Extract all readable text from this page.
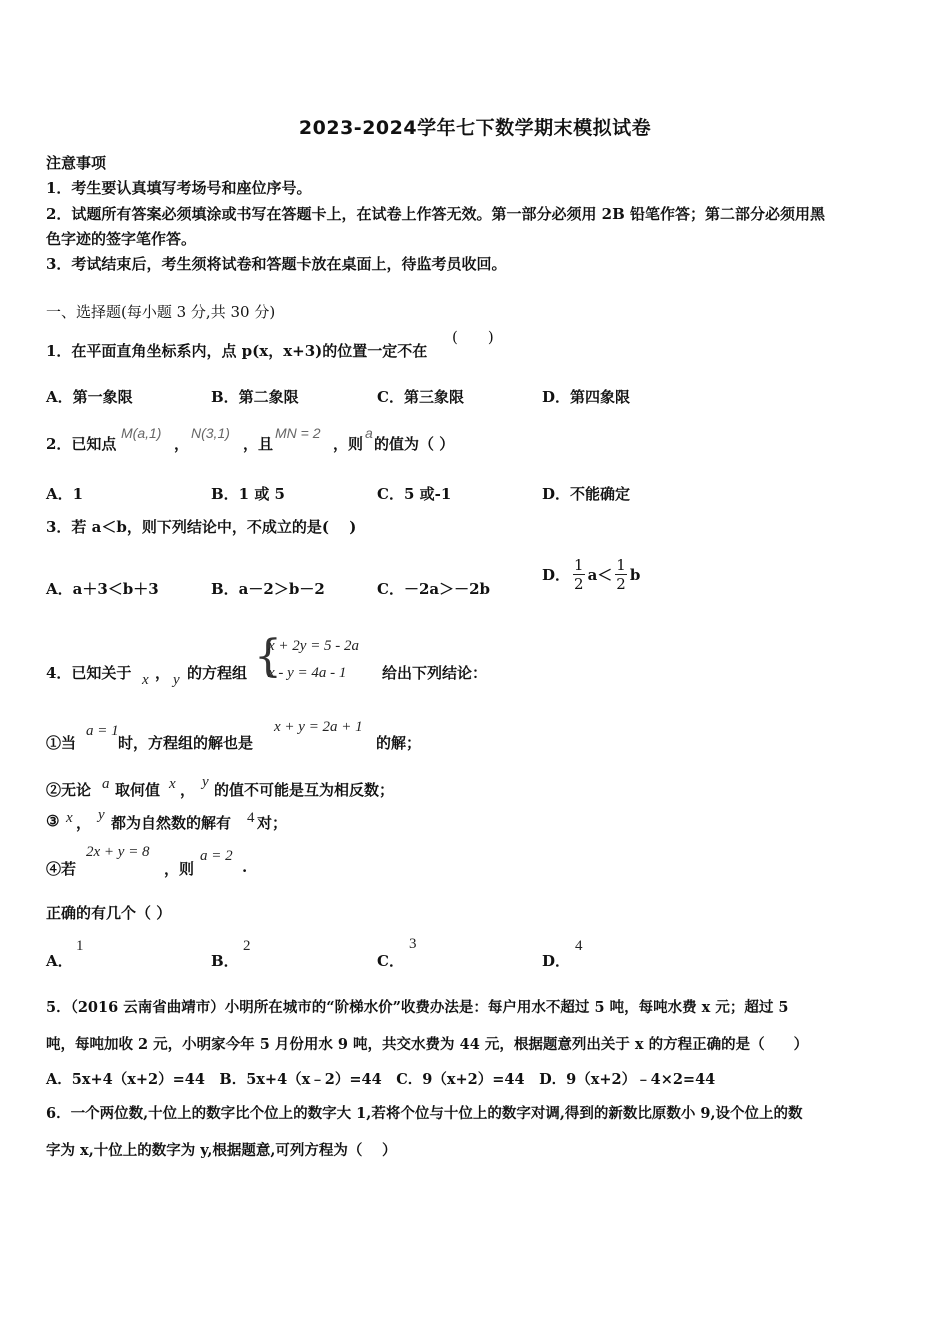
2023-2024学年七下数学期末模拟试卷
注意事项
1．考生要认真填写考场号和座位序号。
2．试题所有答案必须填涂或书写在答题卡上，在试卷上作答无效。第一部分必须用 2B 铅笔作答；第二部分必须用黑
色字迹的签字笔作答。
3．考试结束后，考生须将试卷和答题卡放在桌面上，待监考员收回。
一、选择题(每小题 3 分,共 30 分)
1．在平面直角坐标系内，点 p(x，x+3)的位置一定不在
(　　)
A．第一象限	B．第二象限	C．第三象限	D．第四象限
2．已知点
M(a,1)
，
N(3,1)
，且
MN = 2
，则
a
的值为（ ）
A．1	B．1 或 5	C．5 或-1	D．不能确定
3．若 a＜b，则下列结论中，不成立的是(　 )
A．a＋3＜b＋3	B．a－2＞b－2	C．－2a＞－2b
D． $\frac{1}{2} a< \frac{1}{2}$ b
4．已知关于 x ， y 的方程组 {
x + 2y = 5 - 2a
x - y = 4a - 1 给出下列结论：
①当
a = 1
时，方程组的解也是
x + y = 2a + 1
的解；
②无论 a 取何值 x ， y 的值不可能是互为相反数；
③ x ， y 都为自然数的解有 4 对；
④若
2x + y = 8
，则
a = 2
.
正确的有几个（ ）
A．
1
B．
2
C．
3
D．
4
5．（2016 云南省曲靖市）小明所在城市的“阶梯水价”收费办法是：每户用水不超过 5 吨，每吨水费 x 元；超过 5
吨，每吨加收 2 元，小明家今年 5 月份用水 9 吨，共交水费为 44 元，根据题意列出关于 x 的方程正确的是（　　）
A．5x+4（x+2）=44　B．5x+4（x﹣2）=44　C．9（x+2）=44　D．9（x+2）﹣4×2=44
6．一个两位数,十位上的数字比个位上的数字大 1,若将个位与十位上的数字对调,得到的新数比原数小 9,设个位上的数
字为 x,十位上的数字为 y,根据题意,可列方程为（　 ）
